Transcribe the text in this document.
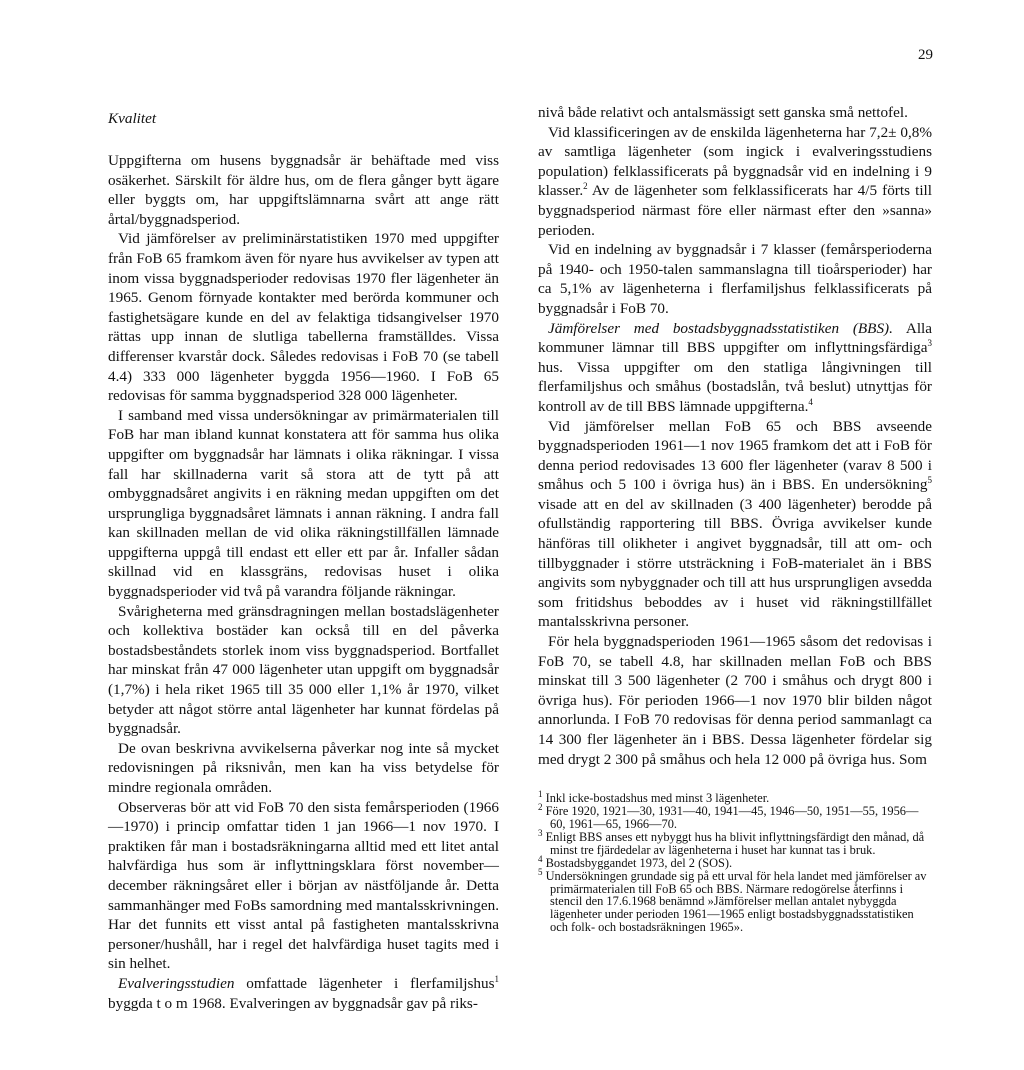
29
Kvalitet

Uppgifterna om husens byggnadsår är behäftade med viss osäkerhet. Särskilt för äldre hus, om de flera gånger bytt ägare eller byggts om, har uppgiftslämnarna svårt att ange rätt årtal/byggnadsperiod.

Vid jämförelser av preliminärstatistiken 1970 med uppgifter från FoB 65 framkom även för nyare hus avvikelser av typen att inom vissa byggnadsperioder redovisas 1970 fler lägenheter än 1965. Genom förnyade kontakter med berörda kommuner och fastighetsägare kunde en del av felaktiga tidsangivelser 1970 rättas upp innan de slutliga tabellerna framställdes. Vissa differenser kvarstår dock. Således redovisas i FoB 70 (se tabell 4.4) 333 000 lägenheter byggda 1956—1960. I FoB 65 redovisas för samma byggnadsperiod 328 000 lägenheter.

I samband med vissa undersökningar av primärmaterialen till FoB har man ibland kunnat konstatera att för samma hus olika uppgifter om byggnadsår har lämnats i olika räkningar. I vissa fall har skillnaderna varit så stora att de tytt på att ombyggnadsåret angivits i en räkning medan uppgiften om det ursprungliga byggnadsåret lämnats i annan räkning. I andra fall kan skillnaden mellan de vid olika räkningstillfällen lämnade uppgifterna uppgå till endast ett eller ett par år. Infaller sådan skillnad vid en klassgräns, redovisas huset i olika byggnadsperioder vid två på varandra följande räkningar.

Svårigheterna med gränsdragningen mellan bostadslägenheter och kollektiva bostäder kan också till en del påverka bostadsbeståndets storlek inom viss byggnadsperiod. Bortfallet har minskat från 47 000 lägenheter utan uppgift om byggnadsår (1,7%) i hela riket 1965 till 35 000 eller 1,1% år 1970, vilket betyder att något större antal lägenheter har kunnat fördelas på byggnadsår.

De ovan beskrivna avvikelserna påverkar nog inte så mycket redovisningen på riksnivån, men kan ha viss betydelse för mindre regionala områden.

Observeras bör att vid FoB 70 den sista femårsperioden (1966—1970) i princip omfattar tiden 1 jan 1966—1 nov 1970. I praktiken får man i bostadsräkningarna alltid med ett litet antal halvfärdiga hus som är inflyttningsklara först november—december räkningsåret eller i början av nästföljande år. Detta sammanhänger med FoBs samordning med mantalsskrivningen. Har det funnits ett visst antal på fastigheten mantalsskrivna personer/hushåll, har i regel det halvfärdiga huset tagits med i sin helhet.

Evalveringsstudien omfattade lägenheter i flerfamiljshus$^1$ byggda t o m 1968. Evalveringen av byggnadsår gav på riks-

nivå både relativt och antalsmässigt sett ganska små nettofel.

Vid klassificeringen av de enskilda lägenheterna har 7,2± 0,8% av samtliga lägenheter (som ingick i evalveringsstudiens population) felklassificerats på byggnadsår vid en indelning i 9 klasser.$^2$ Av de lägenheter som felklassificerats har 4/5 förts till byggnadsperiod närmast före eller närmast efter den »sanna» perioden.

Vid en indelning av byggnadsår i 7 klasser (femårsperioderna på 1940- och 1950-talen sammanslagna till tioårsperioder) har ca 5,1% av lägenheterna i flerfamiljshus felklassificerats på byggnadsår i FoB 70.

Jämförelser med bostadsbyggnadsstatistiken (BBS). Alla kommuner lämnar till BBS uppgifter om inflyttningsfärdiga$^3$ hus. Vissa uppgifter om den statliga långivningen till flerfamiljshus och småhus (bostadslån, två beslut) utnyttjas för kontroll av de till BBS lämnade uppgifterna.$^4$

Vid jämförelser mellan FoB 65 och BBS avseende byggnadsperioden 1961—1 nov 1965 framkom det att i FoB för denna period redovisades 13 600 fler lägenheter (varav 8 500 i småhus och 5 100 i övriga hus) än i BBS. En undersökning$^5$ visade att en del av skillnaden (3 400 lägenheter) berodde på ofullständig rapportering till BBS. Övriga avvikelser kunde hänföras till olikheter i angivet byggnadsår, till att om- och tillbyggnader i större utsträckning i FoB-materialet än i BBS angivits som nybyggnader och till att hus ursprungligen avsedda som fritidshus beboddes av i huset vid räkningstillfället mantalsskrivna personer.

För hela byggnadsperioden 1961—1965 såsom det redovisas i FoB 70, se tabell 4.8, har skillnaden mellan FoB och BBS minskat till 3 500 lägenheter (2 700 i småhus och drygt 800 i övriga hus). För perioden 1966—1 nov 1970 blir bilden något annorlunda. I FoB 70 redovisas för denna period sammanlagt ca 14 300 fler lägenheter än i BBS. Dessa lägenheter fördelar sig med drygt 2 300 på småhus och hela 12 000 på övriga hus. Som

$^1$ Inkl icke-bostadshus med minst 3 lägenheter.

$^2$ Före 1920, 1921—30, 1931—40, 1941—45, 1946—50, 1951—55, 1956—60, 1961—65, 1966—70.

$^3$ Enligt BBS anses ett nybyggt hus ha blivit inflyttningsfärdigt den månad, då minst tre fjärdedelar av lägenheterna i huset har kunnat tas i bruk.

$^4$ Bostadsbyggandet 1973, del 2 (SOS).

$^5$ Undersökningen grundade sig på ett urval för hela landet med jämförelser av primärmaterialen till FoB 65 och BBS. Närmare redogörelse återfinns i stencil den 17.6.1968 benämnd »Jämförelser mellan antalet nybyggda lägenheter under perioden 1961—1965 enligt bostadsbyggnadsstatistiken och folk- och bostadsräkningen 1965».
